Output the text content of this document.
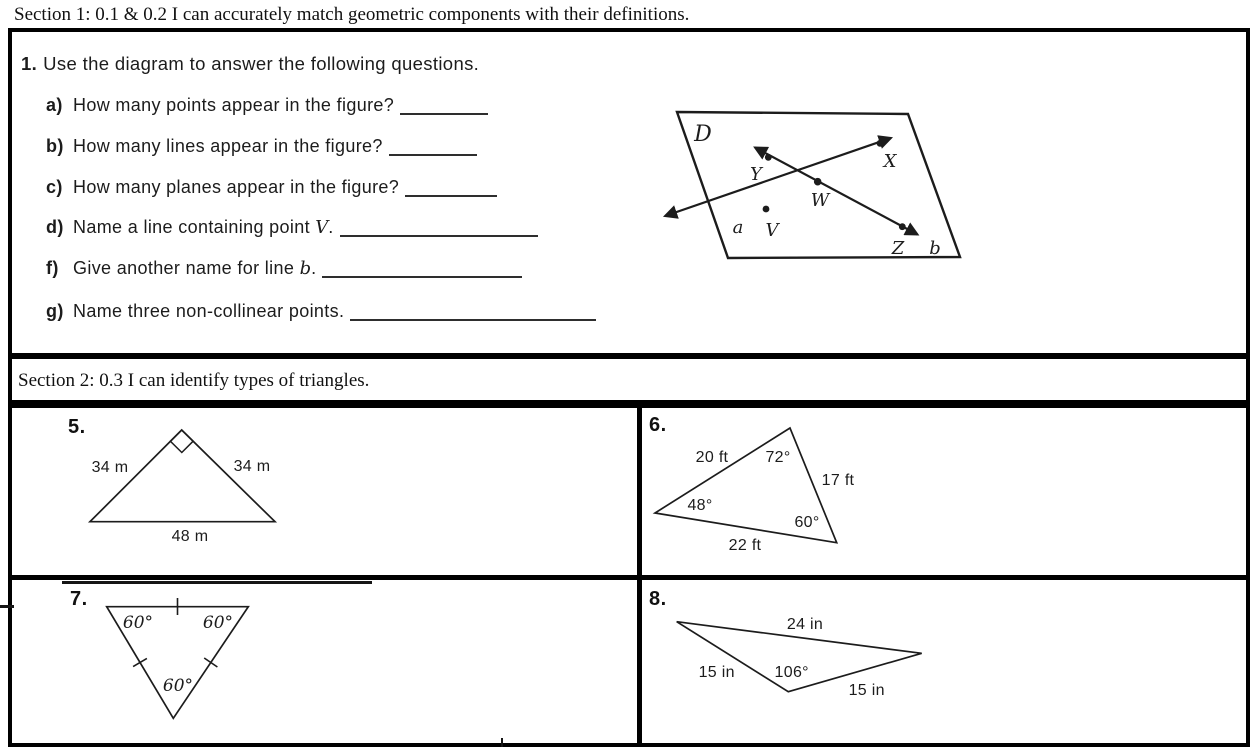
Section 1: 0.1 & 0.2 I can accurately match geometric components with their definitions.
1. Use the diagram to answer the following questions.
a) How many points appear in the figure?
b) How many lines appear in the figure?
c) How many planes appear in the figure?
d) Name a line containing point V.
f) Give another name for line b.
g) Name three non-collinear points.
D
Y
X
W
V
a
Z b
Section 2: 0.3 I can identify types of triangles.
5.
34 m	34 m
48 m
6.
20 ft 72°
17 ft
48°
60°
22 ft
7.
60°	60°
60°
8.
24 in
15 in 106°
15 in
